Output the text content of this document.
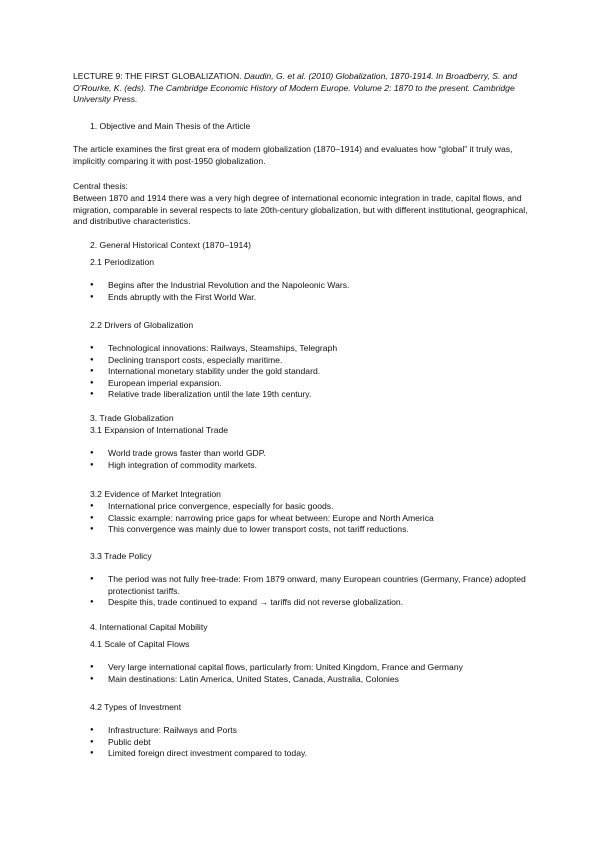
LECTURE 9: THE FIRST GLOBALIZATION. Daudin, G. et al. (2010) Globalization, 1870-1914. In Broadberry, S. and O'Rourke, K. (eds). The Cambridge Economic History of Modern Europe. Volume 2: 1870 to the present. Cambridge University Press.
1. Objective and Main Thesis of the Article
The article examines the first great era of modern globalization (1870–1914) and evaluates how “global” it truly was, implicitly comparing it with post-1950 globalization.
Central thesis:
Between 1870 and 1914 there was a very high degree of international economic integration in trade, capital flows, and migration, comparable in several respects to late 20th-century globalization, but with different institutional, geographical, and distributive characteristics.
2. General Historical Context (1870–1914)
2.1 Periodization
● Begins after the Industrial Revolution and the Napoleonic Wars.
● Ends abruptly with the First World War.
2.2 Drivers of Globalization
● Technological innovations: Railways, Steamships, Telegraph
● Declining transport costs, especially maritime.
● International monetary stability under the gold standard.
● European imperial expansion.
● Relative trade liberalization until the late 19th century.
3. Trade Globalization
3.1 Expansion of International Trade
● World trade grows faster than world GDP.
● High integration of commodity markets.
3.2 Evidence of Market Integration
● International price convergence, especially for basic goods.
● Classic example: narrowing price gaps for wheat between: Europe and North America
● This convergence was mainly due to lower transport costs, not tariff reductions.
3.3 Trade Policy
● The period was not fully free-trade: From 1879 onward, many European countries (Germany, France) adopted protectionist tariffs.
● Despite this, trade continued to expand → tariffs did not reverse globalization.
4. International Capital Mobility
4.1 Scale of Capital Flows
● Very large international capital flows, particularly from: United Kingdom, France and Germany
● Main destinations: Latin America, United States, Canada, Australia, Colonies
4.2 Types of Investment
● Infrastructure: Railways and Ports
● Public debt
● Limited foreign direct investment compared to today.
